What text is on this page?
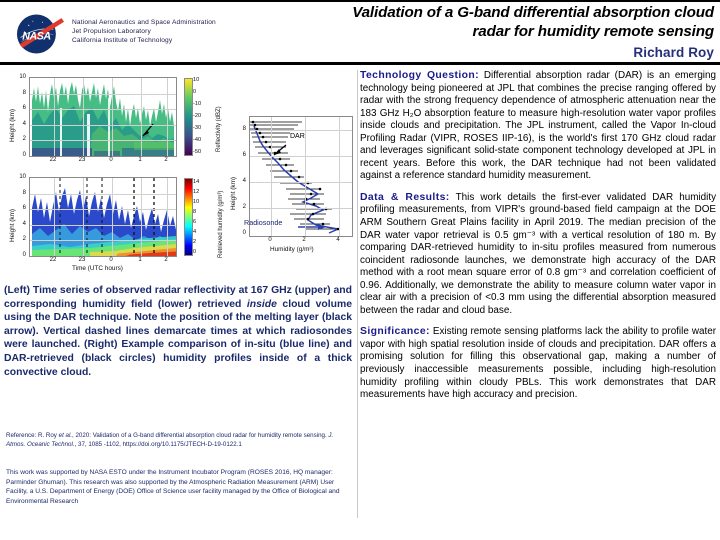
NASA
National Aeronautics and Space Administration
Jet Propulsion Laboratory
California Institute of Technology
Validation of a G-band differential absorption cloud
radar for humidity remote sensing
Richard Roy
Height (km)
10
8
6
4
2
0
22	23	0	1	2
10
0
-10
-20
-30
-40
-50 Reflectivity (dBZ)
Height (km)
10
8
6
4
2
0
22	23	0	1	2
Time (UTC hours)
14
12
10
8
6
4
2
0	Retrieved humidity (g/m³) Height (km)
8
6
4
2
0
DAR
Radiosonde
0	2	4
Humidity (g/m³)
(Left) Time series of observed radar reflectivity at 167 GHz (upper) and corresponding humidity field (lower) retrieved inside cloud volume using the DAR technique. Note the position of the melting layer (black arrow). Vertical dashed lines demarcate times at which radiosondes were launched. (Right) Example comparison of in-situ (blue line) and DAR-retrieved (black circles) humidity profiles inside of a thick convective cloud.
Reference: R. Roy et al., 2020: Validation of a G-band differential absorption cloud radar for humidity remote sensing. J. Atmos. Oceanic Technol., 37, 1085 -1102, https://doi.org/10.1175/JTECH-D-19-0122.1
This work was supported by NASA ESTO under the Instrument Incubator Program (ROSES 2016, HQ manager: Parminder Ghuman). This research was also supported by the Atmospheric Radiation Measurement (ARM) User Facility, a U.S. Department of Energy (DOE) Office of Science user facility managed by the Office of Biological and Environmental Research
Technology Question: Differential absorption radar (DAR) is an emerging technology being pioneered at JPL that combines the precise ranging offered by radar with the strong frequency dependence of atmospheric attenuation near the 183 GHz H₂O absorption feature to measure high-resolution water vapor profiles inside clouds and precipitation. The JPL instrument, called the Vapor In-cloud Profiling Radar (VIPR, ROSES IIP-16), is the world's first 170 GHz cloud radar and leverages significant solid-state component technology developed at JPL in recent years. Before this work, the DAR technique had not been validated against a reference standard humidity measurement.
Data & Results: This work details the first-ever validated DAR humidity profiling measurements, from VIPR's ground-based field campaign at the DOE ARM Southern Great Plains facility in April 2019. The median precision of the DAR water vapor retrieval is 0.5 gm⁻³ with a vertical resolution of 180 m. By comparing DAR-retrieved humidity to in-situ profiles measured from numerous coincident radiosonde launches, we demonstrate high accuracy of the DAR method with a root mean square error of 0.8 gm⁻³ and correlation coefficient of 0.96. Additionally, we demonstrate the ability to measure column water vapor in clear air with a precision of <0.3 mm using the differential absorption measured between the radar and cloud base.
Significance: Existing remote sensing platforms lack the ability to profile water vapor with high spatial resolution inside of clouds and precipitation. DAR offers a promising solution for filling this observational gap, making a number of previously inaccessible measurements possible, including high-resolution humidity profiling within cloudy PBLs. This work demonstrates that DAR measurements have high accuracy and precision.
